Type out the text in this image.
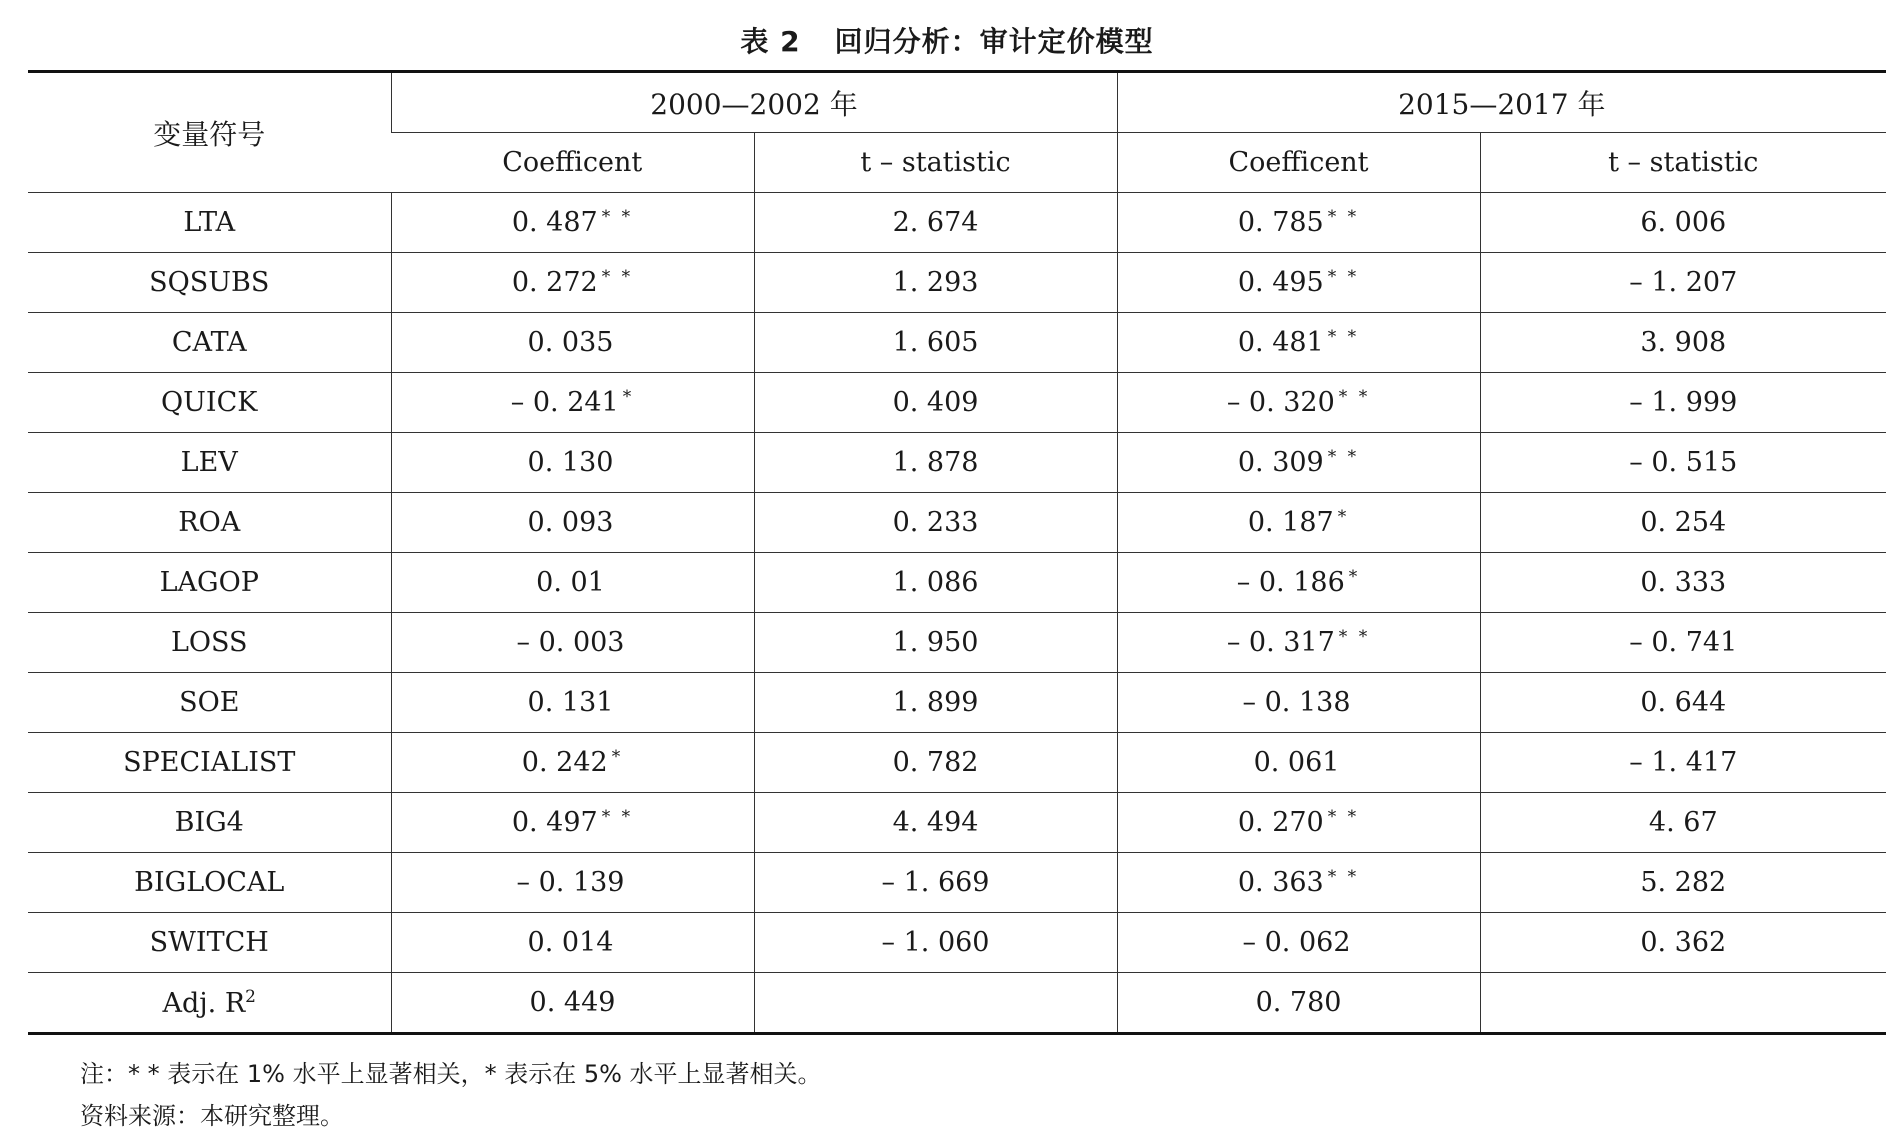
表 2 回归分析：审计定价模型
变量符号	2000—2002 年		2015—2017 年	
	Coefficent	t – statistic	Coefficent	t – statistic
LTA	0. 487 * *	2. 674	0. 785 * *	6. 006
SQSUBS	0. 272 * *	1. 293	0. 495 * *	– 1. 207
CATA	0. 035	1. 605	0. 481 * *	3. 908
QUICK	– 0. 241 *	0. 409	– 0. 320 * *	– 1. 999
LEV	0. 130	1. 878	0. 309 * *	– 0. 515
ROA	0. 093	0. 233	0. 187 *	0. 254
LAGOP	0. 01	1. 086	– 0. 186 *	0. 333
LOSS	– 0. 003	1. 950	– 0. 317 * *	– 0. 741
SOE	0. 131	1. 899	– 0. 138	0. 644
SPECIALIST	0. 242 *	0. 782	0. 061	– 1. 417
BIG4	0. 497 * *	4. 494	0. 270 * *	4. 67
BIGLOCAL	– 0. 139	– 1. 669	0. 363 * *	5. 282
SWITCH	0. 014	– 1. 060	– 0. 062	0. 362
Adj. $R^2$	0. 449		0. 780	
注：* * 表示在 1% 水平上显著相关，* 表示在 5% 水平上显著相关。
资料来源：本研究整理。
